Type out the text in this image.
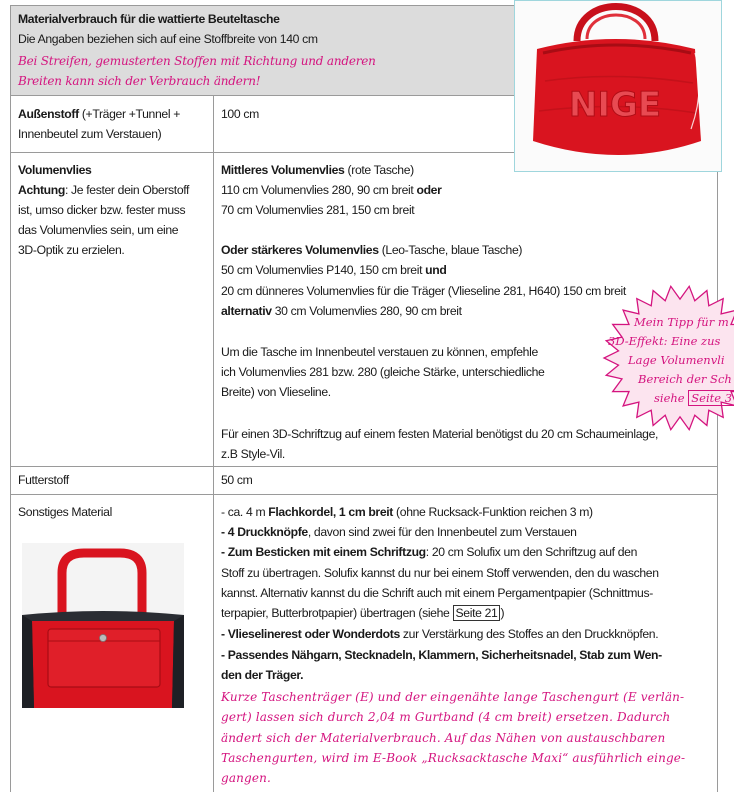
Materialverbrauch für die wattierte Beuteltasche
Die Angaben beziehen sich auf eine Stoffbreite von 140 cm
Bei Streifen, gemusterten Stoffen mit Richtung und anderen
Breiten kann sich der Verbrauch ändern!
Außenstoff (+Träger +Tunnel +
Innenbeutel zum Verstauen)
100 cm
Volumenvlies
Achtung: Je fester dein Oberstoff
ist, umso dicker bzw. fester muss
das Volumenvlies sein, um eine
3D-Optik zu erzielen.
Mittleres Volumenvlies (rote Tasche)
110 cm Volumenvlies 280, 90 cm breit oder
70 cm Volumenvlies 281, 150 cm breit
Oder stärkeres Volumenvlies (Leo-Tasche, blaue Tasche)
50 cm Volumenvlies P140, 150 cm breit und
20 cm dünneres Volumenvlies für die Träger (Vlieseline 281, H640) 150 cm breit
alternativ 30 cm Volumenvlies 280, 90 cm breit
Um die Tasche im Innenbeutel verstauen zu können, empfehle
ich Volumenvlies 281 bzw. 280 (gleiche Stärke, unterschiedliche
Breite) von Vlieseline.
Für einen 3D-Schriftzug auf einem festen Material benötigst du 20 cm Schaumeinlage,
z.B Style-Vil.
Futterstoff	50 cm
Sonstiges Material	- ca. 4 m Flachkordel, 1 cm breit (ohne Rucksack-Funktion reichen 3 m)
- 4 Druckknöpfe, davon sind zwei für den Innenbeutel zum Verstauen
- Zum Besticken mit einem Schriftzug: 20 cm Solufix um den Schriftzug auf den
Stoff zu übertragen. Solufix kannst du nur bei einem Stoff verwenden, den du waschen
kannst. Alternativ kannst du die Schrift auch mit einem Pergamentpapier (Schnittmus-
terpapier, Butterbrotpapier) übertragen (siehe Seite 21 )
- Vlieselinerest oder Wonderdots zur Verstärkung des Stoffes an den Druckknöpfen.
- Passendes Nähgarn, Stecknadeln, Klammern, Sicherheitsnadel, Stab zum Wen-
den der Träger.
Kurze Taschenträger (E) und der eingenähte lange Taschengurt (E verlän-
gert) lassen sich durch 2,04 m Gurtband (4 cm breit) ersetzen. Dadurch
ändert sich der Materialverbrauch. Auf das Nähen von austauschbaren
Taschengurten, wird im E-Book „Rucksacktasche Maxi“ ausführlich einge-
gangen.
NIGE
Mein Tipp für m
3D-Effekt: Eine zus
Lage Volumenvli
Bereich der Sch
siehe Seite 3
